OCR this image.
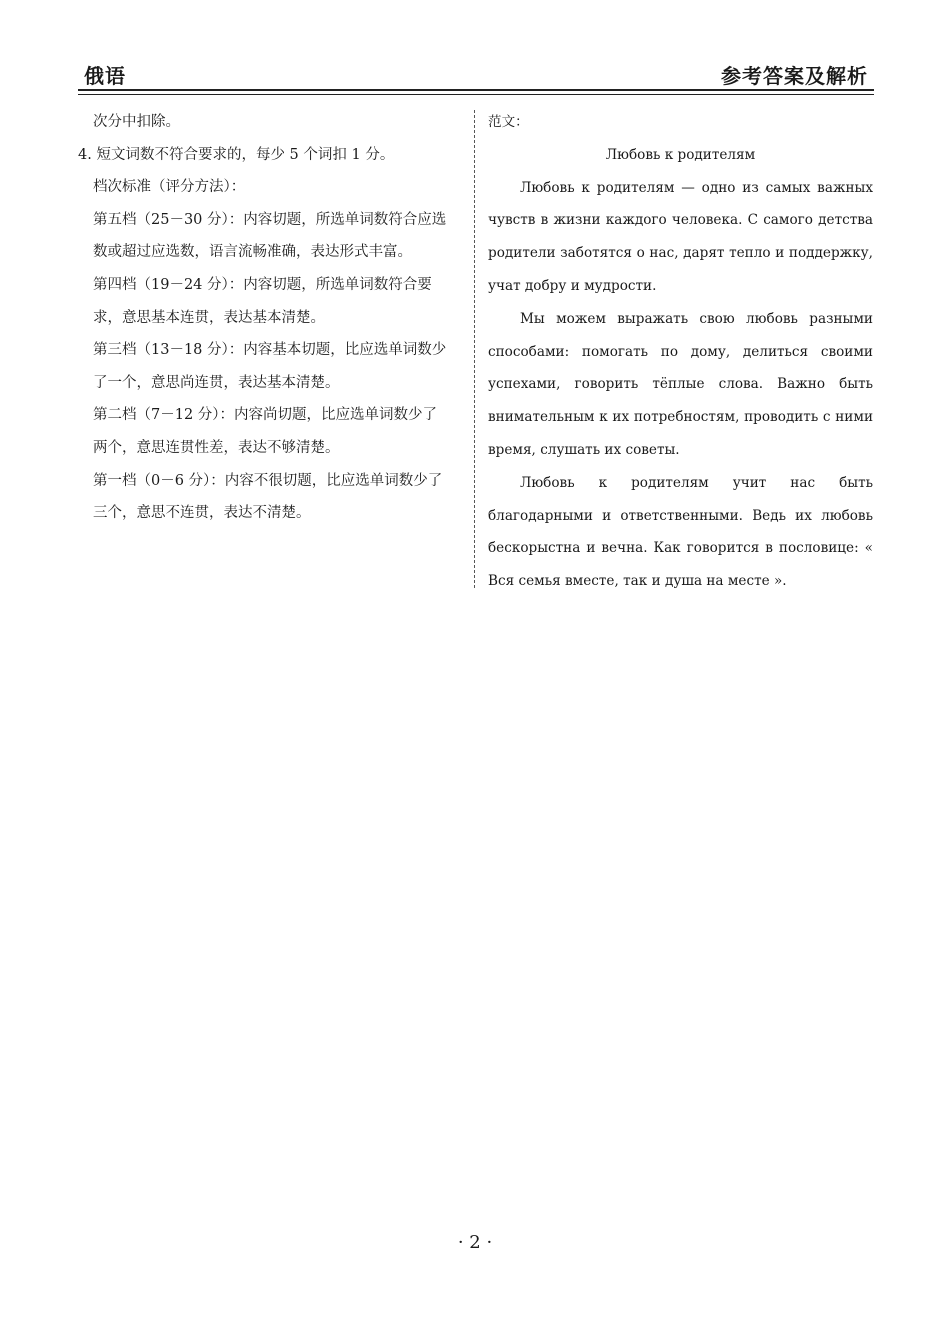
俄语	参考答案及解析

次分中扣除。

4. 短文词数不符合要求的，每少 5 个词扣 1 分。

档次标准（评分方法）：

第五档（25－30 分）：内容切题，所选单词数符合应选

数或超过应选数，语言流畅准确，表达形式丰富。

第四档（19－24 分）：内容切题，所选单词数符合要

求，意思基本连贯，表达基本清楚。

第三档（13－18 分）：内容基本切题，比应选单词数少

了一个，意思尚连贯，表达基本清楚。

第二档（7－12 分）：内容尚切题，比应选单词数少了

两个，意思连贯性差，表达不够清楚。

第一档（0－6 分）：内容不很切题，比应选单词数少了

三个，意思不连贯，表达不清楚。

范文：

Любовь к родителям

Любовь к родителям — одно из самых важных чувств в жизни каждого человека. С самого детства родители заботятся о нас, дарят тепло и поддержку, учат добру и мудрости.

Мы можем выражать свою любовь разными способами: помогать по дому, делиться своими успехами, говорить тёплые слова. Важно быть внимательным к их потребностям, проводить с ними время, слушать их советы.

Любовь к родителям учит нас быть благодарными и ответственными. Ведь их любовь бескорыстна и вечна. Как говорится в пословице: « Вся семья вместе, так и душа на месте ».

· 2 ·
